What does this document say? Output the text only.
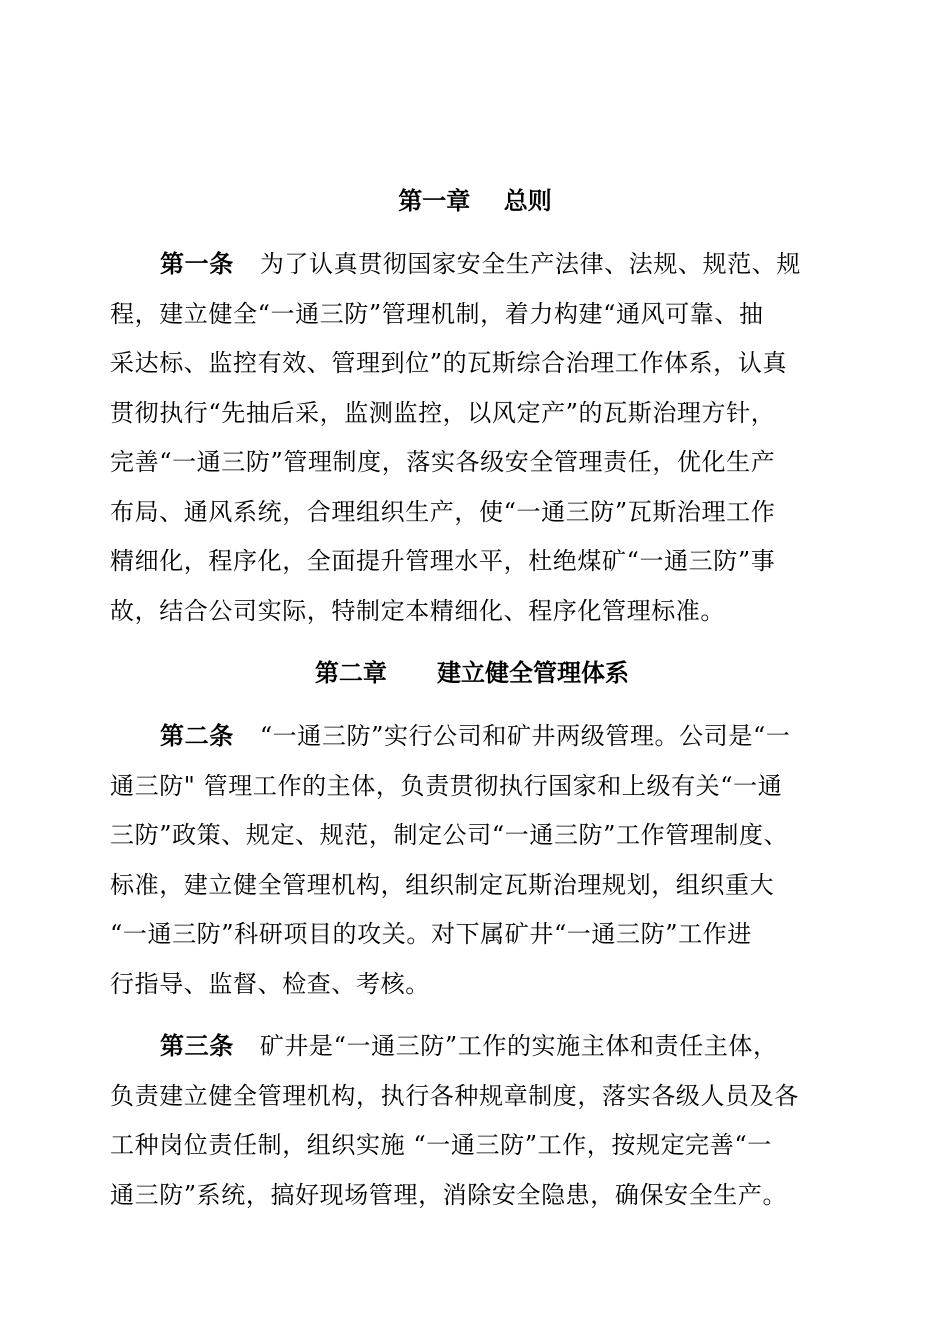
第一章    总则
第一条 为了认真贯彻国家安全生产法律、法规、规范、规
程，建立健全“一通三防”管理机制，着力构建“通风可靠、抽
采达标、监控有效、管理到位”的瓦斯综合治理工作体系，认真
贯彻执行“先抽后采，监测监控，以风定产”的瓦斯治理方针，
完善“一通三防”管理制度，落实各级安全管理责任，优化生产
布局、通风系统，合理组织生产，使“一通三防”瓦斯治理工作
精细化，程序化，全面提升管理水平，杜绝煤矿“一通三防”事
故，结合公司实际，特制定本精细化、程序化管理标准。
第二章      建立健全管理体系
第二条 “一通三防”实行公司和矿井两级管理。公司是“一
通三防" 管理工作的主体，负责贯彻执行国家和上级有关“一通
三防”政策、规定、规范，制定公司“一通三防”工作管理制度、
标准，建立健全管理机构，组织制定瓦斯治理规划，组织重大
“一通三防”科研项目的攻关。对下属矿井“一通三防”工作进
行指导、监督、检查、考核。
第三条 矿井是“一通三防”工作的实施主体和责任主体，
负责建立健全管理机构，执行各种规章制度，落实各级人员及各
工种岗位责任制，组织实施 “一通三防”工作，按规定完善“一
通三防”系统，搞好现场管理，消除安全隐患，确保安全生产。
